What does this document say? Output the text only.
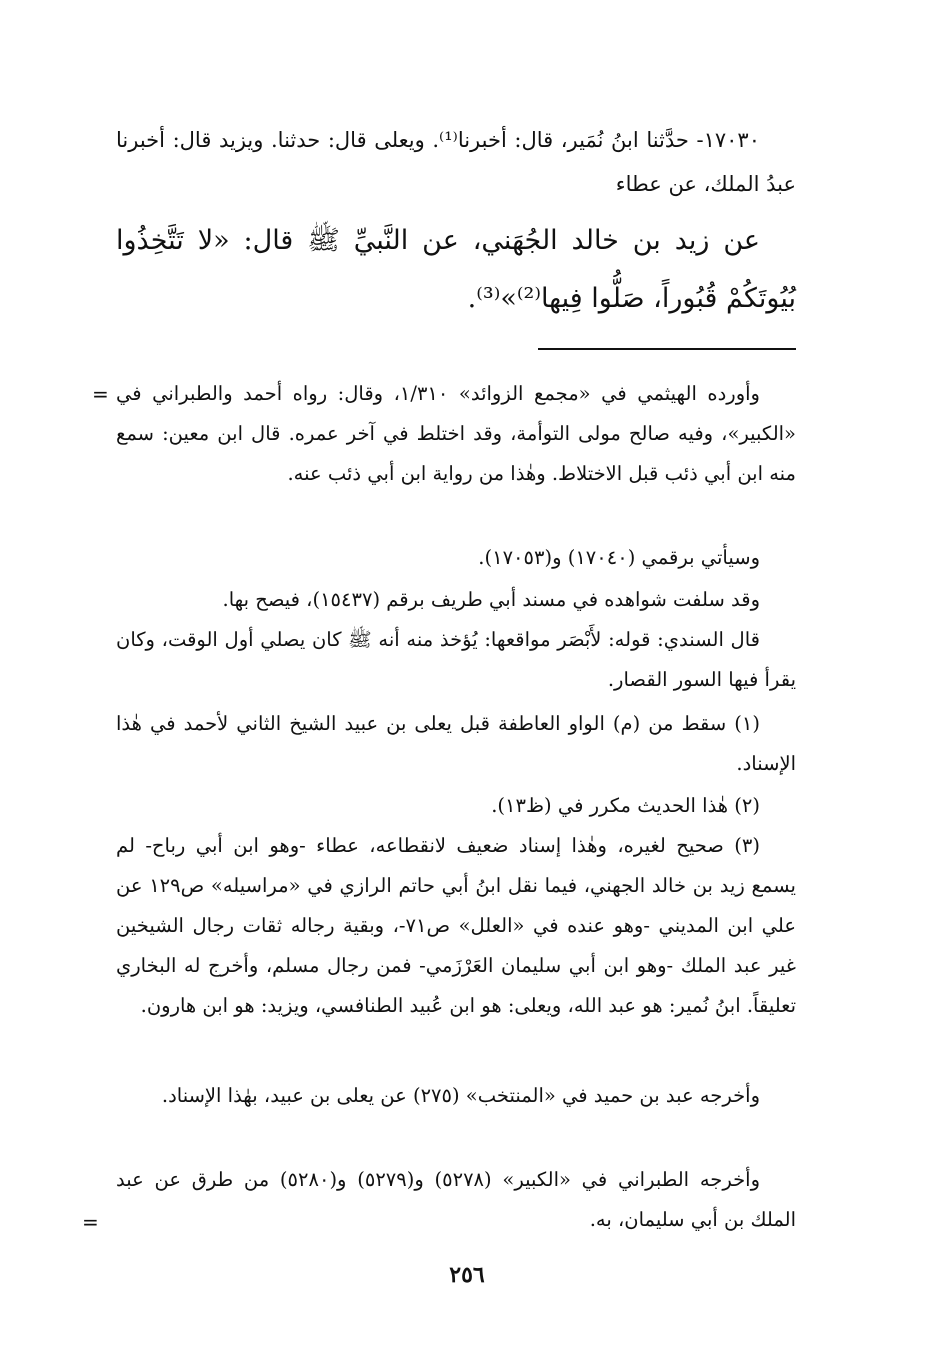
١٧٠٣٠- حدَّثنا ابنُ نُمَير، قال: أخبرنا⁽¹⁾. ويعلى قال: حدثنا. ويزيد قال: أخبرنا عبدُ الملك، عن عطاء

عن زيد بن خالد الجُهَني، عن النَّبيِّ ﷺ قال: «لا تَتَّخِذُوا بُيُوتَكُمْ قُبُوراً، صَلُّوا فِيها⁽²⁾»⁽³⁾.

= وأورده الهيثمي في «مجمع الزوائد» ١/٣١٠، وقال: رواه أحمد والطبراني في «الكبير»، وفيه صالح مولى التوأمة، وقد اختلط في آخر عمره. قال ابن معين: سمع منه ابن أبي ذئب قبل الاختلاط. وهٰذا من رواية ابن أبي ذئب عنه.

وسيأتي برقمي (١٧٠٤٠) و(١٧٠٥٣).

وقد سلفت شواهده في مسند أبي طريف برقم (١٥٤٣٧)، فيصح بها.

قال السندي: قوله: لأَبْصَر مواقعها: يُؤخذ منه أنه ﷺ كان يصلي أول الوقت، وكان يقرأ فيها السور القصار.

(١) سقط من (م) الواو العاطفة قبل يعلى بن عبيد الشيخ الثاني لأحمد في هٰذا الإسناد.

(٢) هٰذا الحديث مكرر في (ظ١٣).

(٣) صحيح لغيره، وهٰذا إسناد ضعيف لانقطاعه، عطاء -وهو ابن أبي رباح- لم يسمع زيد بن خالد الجهني، فيما نقل ابنُ أبي حاتم الرازي في «مراسيله» ص١٢٩ عن علي ابن المديني -وهو عنده في «العلل» ص٧١-، وبقية رجاله ثقات رجال الشيخين غير عبد الملك -وهو ابن أبي سليمان العَرْزَمي- فمن رجال مسلم، وأخرج له البخاري تعليقاً. ابنُ نُمير: هو عبد الله، ويعلى: هو ابن عُبيد الطنافسي، ويزيد: هو ابن هارون.

وأخرجه عبد بن حميد في «المنتخب» (٢٧٥) عن يعلى بن عبيد، بهٰذا الإسناد.

وأخرجه الطبراني في «الكبير» (٥٢٧٨) و(٥٢٧٩) و(٥٢٨٠) من طرق عن عبد الملك بن أبي سليمان، به.

=
٢٥٦
